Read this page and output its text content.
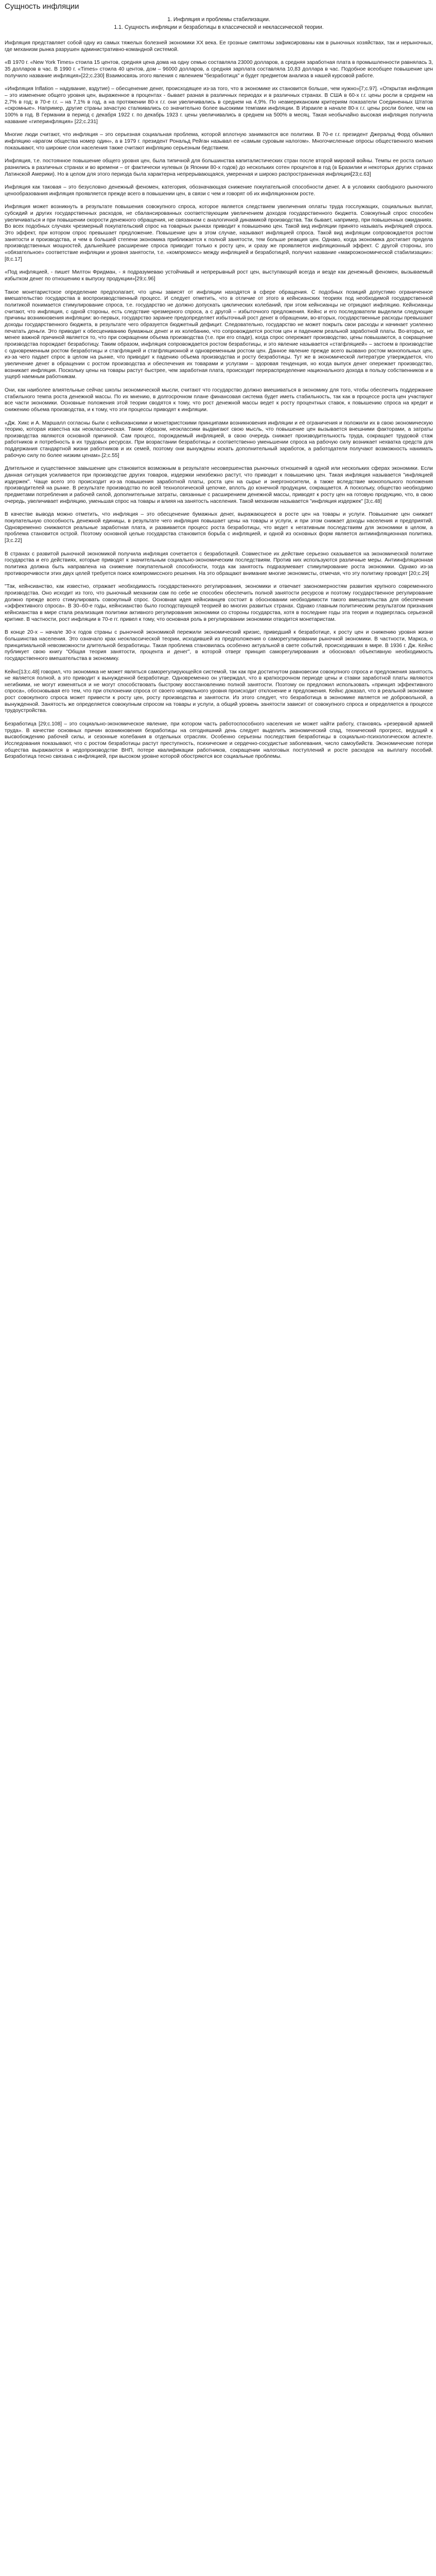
Сущность инфляции
1. Инфляция и проблемы стабилизации.
1.1. Сущность инфляции и безработицы в классической и неклассической теории.

Инфляция представляет собой одну из самых тяжелых болезней экономики XX века. Ее грозные симптомы зафиксированы как в рыночных хозяйствах, так и нерыночных, где механизм рынка разрушен административно-командной системой.

«В 1970 г. «New York Times» стоила 15 центов, средняя цена дома на одну семью составляла 23000 долларов, а средняя заработная плата в промышленности равнялась 3, 35 долларов в час. В 1990 г. «Times» стоила 40 центов, дом – 96000 долларов, а средняя зарплата составляла 10,83 доллара в час. Подобное всеобщее повышение цен получило название инфляция»[22;с.230] Взаимосвязь этого явления с явлением "безработица" и будет предметом анализа в нашей курсовой работе.

«Инфляция Inflation – надувание, вздутие) – обесценение денег, происходящее из-за того, что в экономике их становится больше, чем нужно»[7;с.97]. «Открытая инфляция – это изменение общего уровня цен, выраженное в процентах - бывает разная в различных периодах и в различных странах. В США в 60-х г.г. цены росли в среднем на 2,7% в год; в 70-е г.г. – на 7,1% в год, а на протяжении 80-х г.г. они увеличивались в среднем на 4,9%. По неамериканским критериям показатели Соединенных Штатов «скромные». Например, другие страны зачастую сталкивались со значительно более высокими темпами инфляции. В Израиле в начале 80-х г.г. цены росли более, чем на 100% в год. В Германии в период с декабря 1922 г. по декабрь 1923 г. цены увеличивались в среднем на 500% в месяц. Такая необычайно высокая инфляция получила название «гиперинфляция» [22;с.231]

Многие люди считают, что инфляция – это серьезная социальная проблема, которой вплотную занимаются все политики. В 70-е г.г. президент Джеральд Форд объявил инфляцию «врагом общества номер один», а в 1979 г. президент Рональд Рейган называл ее «самым суровым налогом». Многочисленные опросы общественного мнения показывают, что широкие слои населения также считают инфляцию серьезным бедствием.

Инфляция, т.е. постоянное повышение общего уровня цен, была типичной для большинства капиталистических стран после второй мировой войны. Темпы ее роста сильно разнились в различных странах и во времени – от фактически нулевых (в Японии 80-х годов) до нескольких сотен процентов в год (в Бразилии и некоторых других странах Латинской Америки). Но в целом для этого периода была характерна непрерывающаяся, умеренная и широко распространенная инфляция[23;с.63]

Инфляция как таковая – это безусловно денежный феномен, категория, обозначающая снижение покупательной способности денег. А в условиях свободного рыночного ценообразования инфляция проявляется прежде всего в повышении цен, в связи с чем и говорят об их инфляционном росте.

Инфляция может возникнуть в результате повышения совокупного спроса, которое является следствием увеличения оплаты труда госслужащих, социальных выплат, субсидий и других государственных расходов, не сбалансированных соответствующим увеличением доходов государственного бюджета. Совокупный спрос способен увеличиваться и при повышении скорости денежного обращения, не связанном с аналогичной динамикой производства. Так бывает, например, при повышенных ожиданиях. Во всех подобных случаях чрезмерный покупательский спрос на товарных рынках приводит к повышению цен. Такой вид инфляции принято называть инфляцией спроса. Это эффект, при котором спрос превышает предложение. Повышение цен в этом случае, называют инфляцией спроса. Такой вид инфляции сопровождается ростом занятости и производства, и чем в большей степени экономика приближается к полной занятости, тем больше реакция цен. Однако, когда экономика достигает предела производственных мощностей, дальнейшее расширение спроса приводит только к росту цен, и сразу же проявляется инфляционный эффект. С другой стороны, это «обязательное» соответствие инфляции и уровня занятости, т.е. «компромисс» между инфляцией и безработицей, получил название «макроэкономической стабилизации»:[8;с.17]

«Под инфляцией, - пишет Милтон Фридман, - я подразумеваю устойчивый и непрерывный рост цен, выступающий всегда и везде как денежный феномен, вызываемый избытком денег по отношению к выпуску продукции»[29;с.96]

Такое монетаристское определение предполагает, что цены зависят от инфляции находятся в сфере обращения. С подобных позиций допустимо ограниченное вмешательство государства в воспроизводственный процесс. И следует отметить, что в отличие от этого в кейнсианских теориях под необходимой государственной политикой понимается стимулирование спроса, т.е. государство не должно допускать циклических колебаний, при этом кейнсианцы не отрицают инфляцию. Кейнсианцы считают, что инфляция, с одной стороны, есть следствие чрезмерного спроса, а с другой – избыточного предложения. Кейнс и его последователи выделили следующие причины возникновения инфляции: во-первых, государство заранее предопределяет избыточный рост денег в обращении, во-вторых, государственные расходы превышают доходы государственного бюджета, в результате чего образуется бюджетный дефицит. Следовательно, государство не может покрыть свои расходы и начинает усиленно печатать деньги. Это приводит к обесцениванию бумажных денег и их колебанию, что сопровождается ростом цен и падением реальной заработной платы. Во-вторых, не менее важной причиной является то, что при сокращении объема производства (т.е. при его спаде), когда спрос опережает производство, цены повышаются, а сокращение производства порождает безработицу. Таким образом, инфляция сопровождается ростом безработицы, и это явление называется «стагфляцией» – застоем в производстве с одновременным ростом безработицы и стагфляцией и стагфляционной и одновременным ростом цен. Данное явление прежде всего вызвано ростом монопольных цен, из-за чего падает спрос в целом на рынке, что приводит к падению объема производства и росту безработицы. Тут же в экономической литературе утверждается, что увеличение денег в обращении с ростом производства и обеспечения их товарами и услугами – здоровая тенденция, но когда выпуск денег опережает производство, возникает инфляция. Поскольку цены на товары растут быстрее, чем заработная плата, происходит перераспределение национального дохода в пользу собственников и в ущерб наемным работникам.

Они, как наиболее влиятельные сейчас школы экономической мысли, считают что государство должно вмешиваться в экономику для того, чтобы обеспечить поддержание стабильного темпа роста денежной массы. По их мнению, в долгосрочном плане финансовая система будет иметь стабильность, так как в процессе роста цен участвуют все части экономики. Основные положения этой теории сводятся к тому, что рост денежной массы ведет к росту процентных ставок, к повышению спроса на кредит и снижению объема производства, и к тому, что эти процессы приводят к инфляции.

«Дж. Хикс и А. Маршалл согласны были с кейнсианскими и монетаристскими принципами возникновения инфляции и её ограничения и положили их в свою экономическую теорию, которая известна как неоклассическая. Таким образом, неоклассики выдвигают свою мысль, что повышение цен вызывается внешними факторами, а затраты производства являются основной причиной. Сам процесс, порождаемый инфляцией, в свою очередь снижает производительность труда, сокращает трудовой стаж работников и потребность в их трудовых ресурсах. При возрастании безработицы и соответственно уменьшении спроса на рабочую силу возникает нехватка средств для поддержания стандартной жизни работников и их семей, поэтому они вынуждены искать дополнительный заработок, а работодатели получают возможность нанимать рабочую силу по более низким ценам».[2;с.55]

Длительное и существенное завышение цен становится возможным в результате несовершенства рыночных отношений в одной или нескольких сферах экономики. Если данная ситуация усиливается при производстве других товаров, издержки неизбежно растут, что приводит к повышению цен. Такая инфляция называется "инфляцией издержек". Чаще всего это происходит из-за повышения заработной платы, роста цен на сырье и энергоносители, а также вследствие монопольного положения производителей на рынке. В результате производство по всей технологической цепочке, вплоть до конечной продукции, сокращается. А поскольку, общество необходимо предметами потребления и рабочей силой, дополнительные затраты, связанные с расширением денежной массы, приводят к росту цен на готовую продукцию, что, в свою очередь, увеличивает инфляцию, уменьшая спрос на товары и влияя на занятость населения. Такой механизм называется "инфляция издержек" [3;с.48]

В качестве вывода можно отметить, что инфляция – это обесценение бумажных денег, выражающееся в росте цен на товары и услуги. Повышение цен снижает покупательную способность денежной единицы, в результате чего инфляция повышает цены на товары и услуги, и при этом снижает доходы населения и предприятий. Одновременно снижаются реальные заработная плата, и развивается процесс роста безработицы, что ведет к негативным последствиям для экономики в целом, а проблема становится острой. Поэтому основной целью государства становится борьба с инфляцией, и одной из основных форм является антиинфляционная политика.[3;с.22]

В странах с развитой рыночной экономикой получила инфляция сочетается с безработицей. Совместное их действие серьезно сказывается на экономической политике государства и его действиях, которые приводят к значительным социально-экономическим последствиям. Против них используются различные меры. Антиинфляционная политика должна быть направлена на снижение покупательной способности, тогда как занятость подразумевает стимулирование роста экономики. Однако из-за противоречивости этих двух целей требуется поиск компромиссного решения. На это обращают внимание многие экономисты, отмечая, что эту политику проводят [20;с.29]

"Так, кейнсианство, как известно, отражает необходимость государственного регулирования, экономики и отвечает закономерностям развития крупного современного производства. Оно исходит из того, что рыночный механизм сам по себе не способен обеспечить полной занятости ресурсов и поэтому государственное регулирование должно прежде всего стимулировать совокупный спрос. Основная идея кейнсианцев состоит в обосновании необходимости такого вмешательства для обеспечения «эффективного спроса». В 30–60-е годы, кейнсианство было господствующей теорией во многих развитых странах. Однако главным политическим результатом признания кейнсианства в мире стала реализация политики активного регулирования экономики со стороны государства, хотя в последние годы эта теория и подверглась серьезной критике. В частности, рост инфляции в 70-е гг. привел к тому, что основная роль в регулировании экономики отводится монетаристам.

В конце 20-х – начале 30-х годов страны с рыночной экономикой пережили экономический кризис, приведший к безработице, к росту цен и снижению уровня жизни большинства населения. Это означало крах неоклассической теории, исходившей из предположения о саморегулировании рыночной экономики. В частности, Маркса, о принципиальной невозможности длительной безработицы. Такая проблема становилась особенно актуальной в свете событий, происходивших в мире. В 1936 г. Дж. Кейнс публикует свою книгу "Общая теория занятости, процента и денег", в которой отверг принцип саморегулирования и обосновал объективную необходимость государственного вмешательства в экономику.

Кейнс[13;с.48] говорил, что экономика не может являться саморегулирующейся системой, так как при достигнутом равновесии совокупного спроса и предложения занятость не является полной, а это приводит к вынужденной безработице. Одновременно он утверждал, что в краткосрочном периоде цены и ставки заработной платы являются негибкими, не могут изменяться и не могут способствовать быстрому восстановлению полной занятости. Поэтому он предложил использовать «принцип эффективного спроса», обосновывая его тем, что при отклонении спроса от своего нормального уровня происходит отклонение и предложения. Кейнс доказал, что в реальной экономике рост совокупного спроса может привести к росту цен, росту производства и занятости. Из этого следует, что безработица в экономике является не добровольной, а вынужденной. Занятость же определяется совокупным спросом на товары и услуги, а общий уровень занятости зависит от совокупного спроса и определяется в процессе трудоустройства.

Безработица [29;с.108] – это социально-экономическое явление, при котором часть работоспособного населения не может найти работу, становясь «резервной армией труда». В качестве основных причин возникновения безработицы на сегодняшний день следует выделить экономический спад, технический прогресс, ведущий к высвобождению рабочей силы, и сезонные колебания в отдельных отраслях. Особенно серьезны последствия безработицы в социально-психологическом аспекте. Исследования показывают, что с ростом безработицы растут преступность, психические и сердечно-сосудистые заболевания, число самоубийств. Экономические потери общества выражаются в недопроизводстве ВНП, потере квалификации работников, сокращении налоговых поступлений и росте расходов на выплату пособий. Безработица тесно связана с инфляцией, при высоком уровне которой обостряются все социальные проблемы.
